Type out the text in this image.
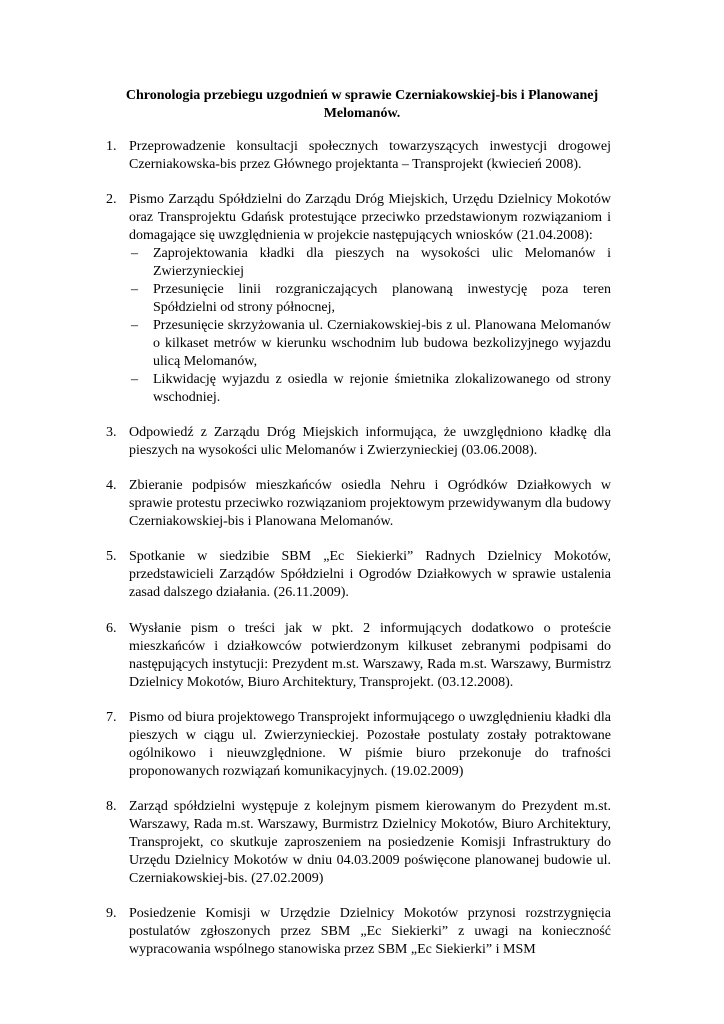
Chronologia przebiegu uzgodnień w sprawie Czerniakowskiej-bis i Planowanej Melomanów.
1. Przeprowadzenie konsultacji społecznych towarzyszących inwestycji drogowej Czerniakowska-bis przez Głównego projektanta – Transprojekt (kwiecień 2008).
2. Pismo Zarządu Spółdzielni do Zarządu Dróg Miejskich, Urzędu Dzielnicy Mokotów oraz Transprojektu Gdańsk protestujące przeciwko przedstawionym rozwiązaniom i domagające się uwzględnienia w projekcie następujących wniosków (21.04.2008):
– Zaprojektowania kładki dla pieszych na wysokości ulic Melomanów i Zwierzynieckiej
– Przesunięcie linii rozgraniczających planowaną inwestycję poza teren Spółdzielni od strony północnej,
– Przesunięcie skrzyżowania ul. Czerniakowskiej-bis z ul. Planowana Melomanów o kilkaset metrów w kierunku wschodnim lub budowa bezkolizyjnego wyjazdu ulicą Melomanów,
– Likwidację wyjazdu z osiedla w rejonie śmietnika zlokalizowanego od strony wschodniej.
3. Odpowiedź z Zarządu Dróg Miejskich informująca, że uwzględniono kładkę dla pieszych na wysokości ulic Melomanów i Zwierzynieckiej (03.06.2008).
4. Zbieranie podpisów mieszkańców osiedla Nehru i Ogródków Działkowych w sprawie protestu przeciwko rozwiązaniom projektowym przewidywanym dla budowy Czerniakowskiej-bis i Planowana Melomanów.
5. Spotkanie w siedzibie SBM „Ec Siekierki” Radnych Dzielnicy Mokotów, przedstawicieli Zarządów Spółdzielni i Ogrodów Działkowych w sprawie ustalenia zasad dalszego działania. (26.11.2009).
6. Wysłanie pism o treści jak w pkt. 2 informujących dodatkowo o proteście mieszkańców i działkowców potwierdzonym kilkuset zebranymi podpisami do następujących instytucji: Prezydent m.st. Warszawy, Rada m.st. Warszawy, Burmistrz Dzielnicy Mokotów, Biuro Architektury, Transprojekt. (03.12.2008).
7. Pismo od biura projektowego Transprojekt informującego o uwzględnieniu kładki dla pieszych w ciągu ul. Zwierzynieckiej. Pozostałe postulaty zostały potraktowane ogólnikowo i nieuwzględnione. W piśmie biuro przekonuje do trafności proponowanych rozwiązań komunikacyjnych. (19.02.2009)
8. Zarząd spółdzielni występuje z kolejnym pismem kierowanym do Prezydent m.st. Warszawy, Rada m.st. Warszawy, Burmistrz Dzielnicy Mokotów, Biuro Architektury, Transprojekt, co skutkuje zaproszeniem na posiedzenie Komisji Infrastruktury do Urzędu Dzielnicy Mokotów w dniu 04.03.2009 poświęcone planowanej budowie ul. Czerniakowskiej-bis. (27.02.2009)
9. Posiedzenie Komisji w Urzędzie Dzielnicy Mokotów przynosi rozstrzygnięcia postulatów zgłoszonych przez SBM „Ec Siekierki” z uwagi na konieczność wypracowania wspólnego stanowiska przez SBM „Ec Siekierki” i MSM
